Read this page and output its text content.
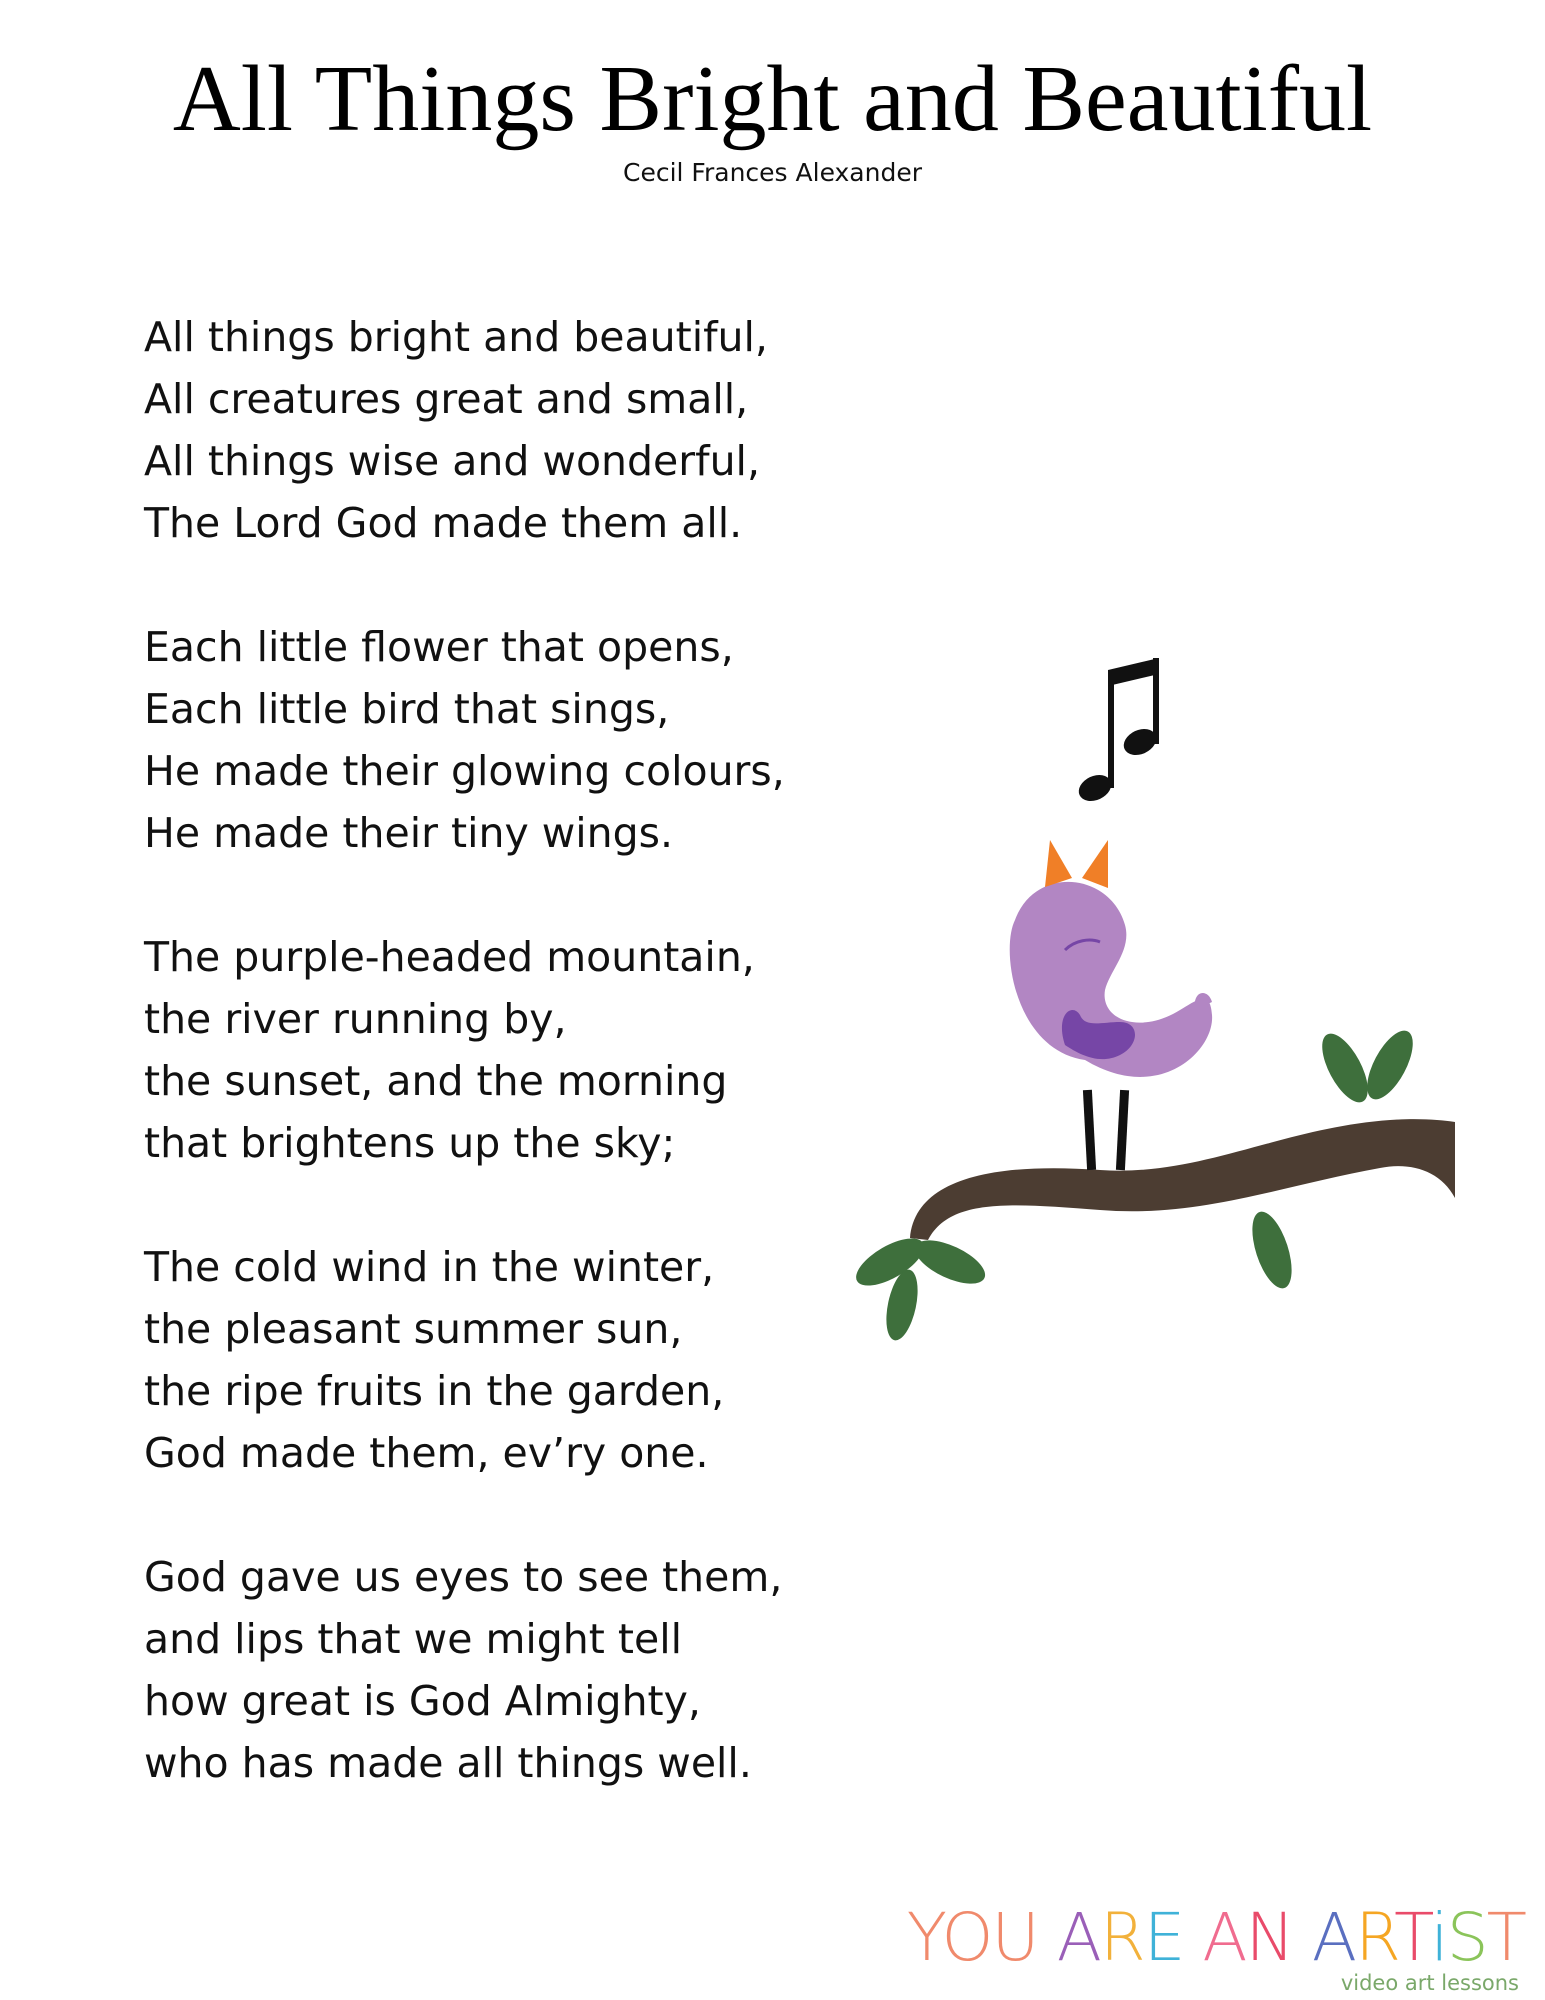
All Things Bright and Beautiful
Cecil Frances Alexander
All things bright and beautiful,
All creatures great and small,
All things wise and wonderful,
The Lord God made them all.
Each little flower that opens,
Each little bird that sings,
He made their glowing colours,
He made their tiny wings.
The purple-headed mountain,
the river running by,
the sunset, and the morning
that brightens up the sky;
The cold wind in the winter,
the pleasant summer sun,
the ripe fruits in the garden,
God made them, ev’ry one.
God gave us eyes to see them,
and lips that we might tell
how great is God Almighty,
who has made all things well.
YOU ARE AN ARTiST
video art lessons
